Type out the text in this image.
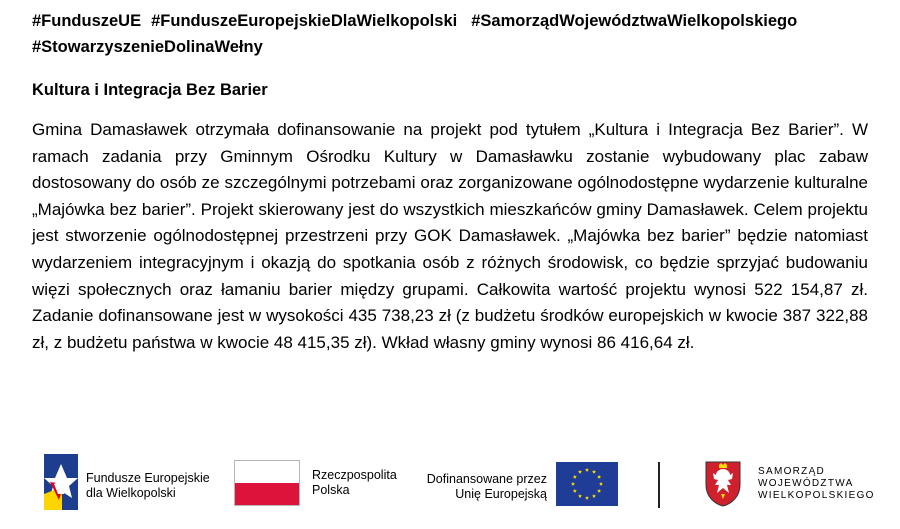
#FunduszeUE #FunduszeEuropejskieDlaWielkopolski #SamorządWojewództwaWielkopolskiego
#StowarzyszenieDolinaWełny
Kultura i Integracja Bez Barier

Gmina Damasławek otrzymała dofinansowanie na projekt pod tytułem „Kultura i Integracja Bez Barier”. W ramach zadania przy Gminnym Ośrodku Kultury w Damasławku zostanie wybudowany plac zabaw dostosowany do osób ze szczególnymi potrzebami oraz zorganizowane ogólnodostępne wydarzenie kulturalne „Majówka bez barier”. Projekt skierowany jest do wszystkich mieszkańców gminy Damasławek. Celem projektu jest stworzenie ogólnodostępnej przestrzeni przy GOK Damasławek. „Majówka bez barier” będzie natomiast wydarzeniem integracyjnym i okazją do spotkania osób z różnych środowisk, co będzie sprzyjać budowaniu więzi społecznych oraz łamaniu barier między grupami. Całkowita wartość projektu wynosi 522 154,87 zł. Zadanie dofinansowane jest w wysokości 435 738,23 zł (z budżetu środków europejskich w kwocie 387 322,88 zł, z budżetu państwa w kwocie 48 415,35 zł). Wkład własny gminy wynosi 86 416,64 zł.

Fundusze Europejskie
dla Wielkopolski
Rzeczpospolita
Polska
Dofinansowane przez
Unię Europejską
SAMORZĄD
WOJEWÓDZTWA
WIELKOPOLSKIEGO
